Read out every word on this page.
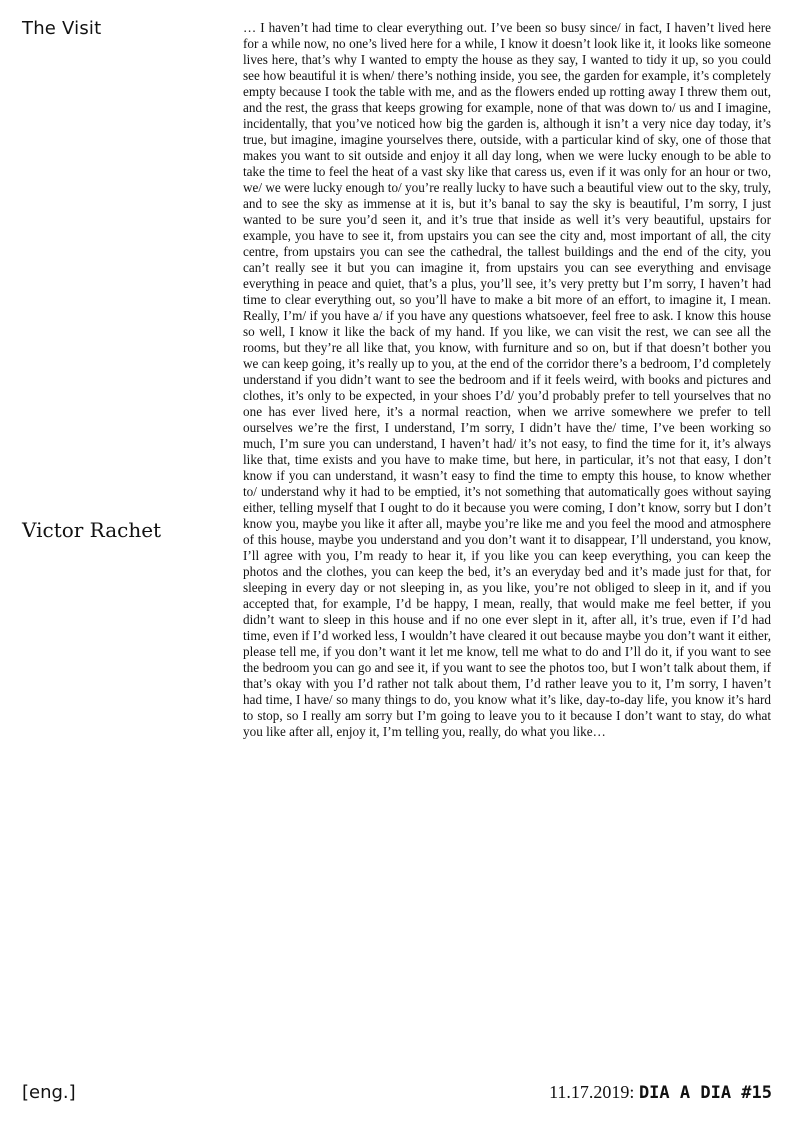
The Visit
Victor Rachet

… I haven’t had time to clear everything out. I’ve been so busy since/ in fact, I haven’t lived here for a while now, no one’s lived here for a while, I know it doesn’t look like it, it looks like someone lives here, that’s why I wanted to empty the house as they say, I wanted to tidy it up, so you could see how beautiful it is when/ there’s nothing inside, you see, the garden for example, it’s completely empty because I took the table with me, and as the flowers ended up rotting away I threw them out, and the rest, the grass that keeps growing for example, none of that was down to/ us and I imagine, incidentally, that you’ve noticed how big the garden is, although it isn’t a very nice day today, it’s true, but imagine, imagine yourselves there, outside, with a particular kind of sky, one of those that makes you want to sit outside and enjoy it all day long, when we were lucky enough to be able to take the time to feel the heat of a vast sky like that caress us, even if it was only for an hour or two, we/ we were lucky enough to/ you’re really lucky to have such a beautiful view out to the sky, truly, and to see the sky as immense at it is, but it’s banal to say the sky is beautiful, I’m sorry, I just wanted to be sure you’d seen it, and it’s true that inside as well it’s very beautiful, upstairs for example, you have to see it, from upstairs you can see the city and, most important of all, the city centre, from upstairs you can see the cathedral, the tallest buildings and the end of the city, you can’t really see it but you can imagine it, from upstairs you can see everything and envisage everything in peace and quiet, that’s a plus, you’ll see, it’s very pretty but I’m sorry, I haven’t had time to clear everything out, so you’ll have to make a bit more of an effort, to imagine it, I mean. Really, I’m/ if you have a/ if you have any questions whatsoever, feel free to ask. I know this house so well, I know it like the back of my hand. If you like, we can visit the rest, we can see all the rooms, but they’re all like that, you know, with furniture and so on, but if that doesn’t bother you we can keep going, it’s really up to you, at the end of the corridor there’s a bedroom, I’d completely understand if you didn’t want to see the bedroom and if it feels weird, with books and pictures and clothes, it’s only to be expected, in your shoes I’d/ you’d probably prefer to tell yourselves that no one has ever lived here, it’s a normal reaction, when we arrive somewhere we prefer to tell ourselves we’re the first, I understand, I’m sorry, I didn’t have the/ time, I’ve been working so much, I’m sure you can understand, I haven’t had/ it’s not easy, to find the time for it, it’s always like that, time exists and you have to make time, but here, in particular, it’s not that easy, I don’t know if you can understand, it wasn’t easy to find the time to empty this house, to know whether to/ understand why it had to be emptied, it’s not something that automatically goes without saying either, telling myself that I ought to do it because you were coming, I don’t know, sorry but I don’t know you, maybe you like it after all, maybe you’re like me and you feel the mood and atmosphere of this house, maybe you understand and you don’t want it to disappear, I’ll understand, you know, I’ll agree with you, I’m ready to hear it, if you like you can keep everything, you can keep the photos and the clothes, you can keep the bed, it’s an everyday bed and it’s made just for that, for sleeping in every day or not sleeping in, as you like, you’re not obliged to sleep in it, and if you accepted that, for example, I’d be happy, I mean, really, that would make me feel better, if you didn’t want to sleep in this house and if no one ever slept in it, after all, it’s true, even if I’d had time, even if I’d worked less, I wouldn’t have cleared it out because maybe you don’t want it either, please tell me, if you don’t want it let me know, tell me what to do and I’ll do it, if you want to see the bedroom you can go and see it, if you want to see the photos too, but I won’t talk about them, if that’s okay with you I’d rather not talk about them, I’d rather leave you to it, I’m sorry, I haven’t had time, I have/ so many things to do, you know what it’s like, day-to-day life, you know it’s hard to stop, so I really am sorry but I’m going to leave you to it because I don’t want to stay, do what you like after all, enjoy it, I’m telling you, really, do what you like…

[eng.]	11.17.2019: DIA A DIA #15
